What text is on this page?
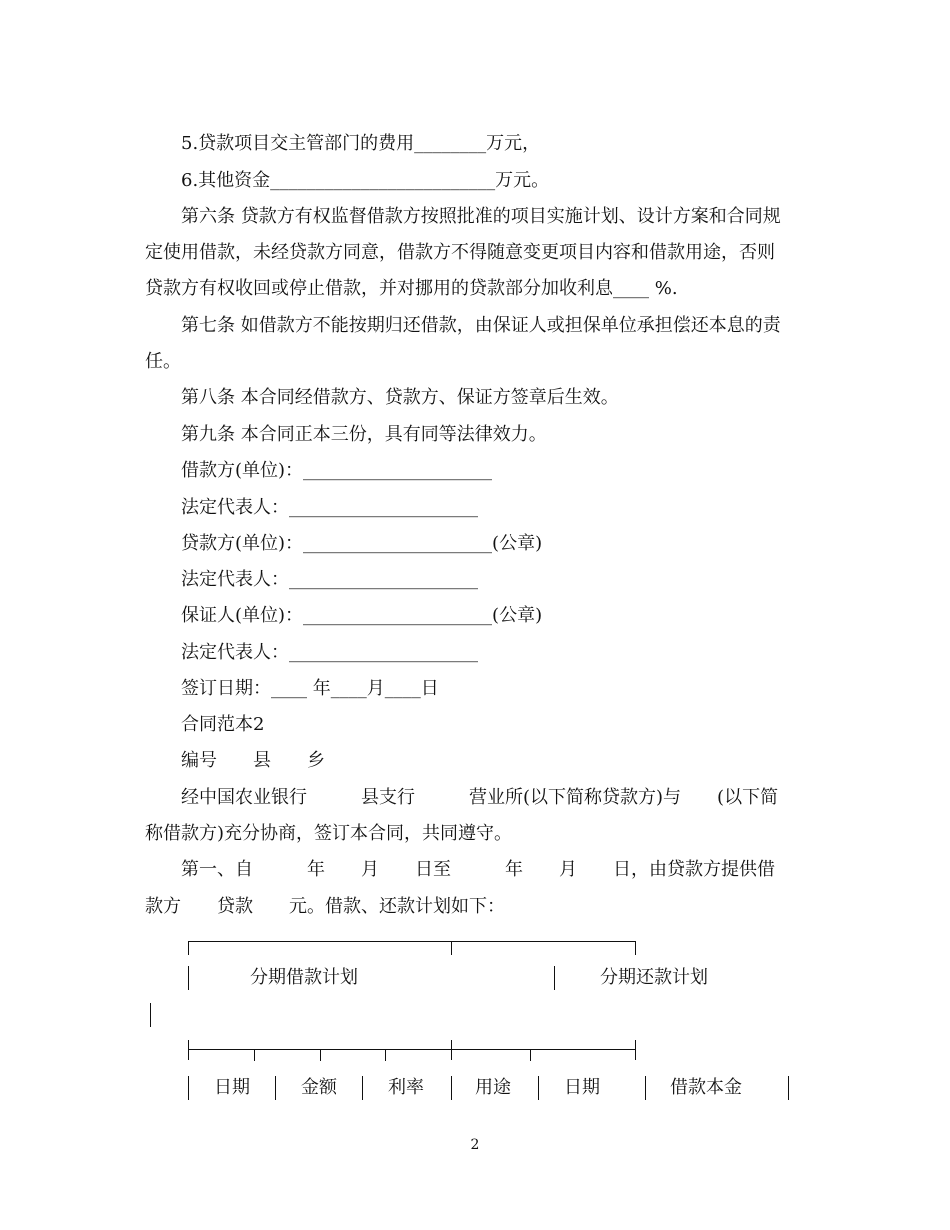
5.贷款项目交主管部门的费用________万元，
6.其他资金_________________________万元。
第六条 贷款方有权监督借款方按照批准的项目实施计划、设计方案和合同规
定使用借款，未经贷款方同意，借款方不得随意变更项目内容和借款用途，否则
贷款方有权收回或停止借款，并对挪用的贷款部分加收利息____ %.
第七条 如借款方不能按期归还借款，由保证人或担保单位承担偿还本息的责
任。
第八条 本合同经借款方、贷款方、保证方签章后生效。
第九条 本合同正本三份，具有同等法律效力。
借款方(单位)：_____________________
法定代表人：_____________________
贷款方(单位)：_____________________(公章)
法定代表人：_____________________
保证人(单位)：_____________________(公章)
法定代表人：_____________________
签订日期：____ 年____月____日
合同范本2
编号　　县　　乡
经中国农业银行　　　县支行　　　营业所(以下简称贷款方)与　　(以下简
称借款方)充分协商，签订本合同，共同遵守。
第一、自　　　年　　月　　日至　　　年　　月　　日，由贷款方提供借
款方　　贷款　　元。借款、还款计划如下：
分期借款计划	分期还款计划
日期	金额	利率	用途	日期	借款本金
2
